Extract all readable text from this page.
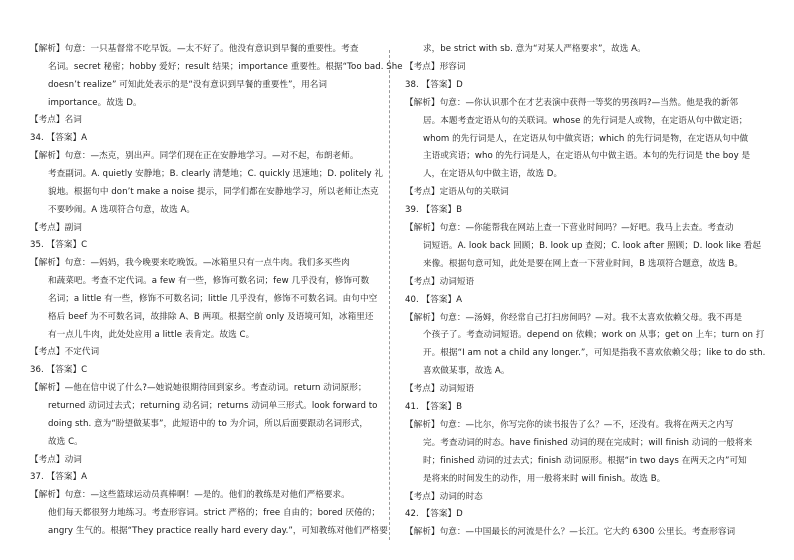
【解析】句意：一只基督常不吃早饭。—太不好了。他没有意识到早餐的重要性。考查
名词。secret 秘密；hobby 爱好；result 结果；importance 重要性。根据“Too bad. She
doesn’t realize” 可知此处表示的是“没有意识到早餐的重要性”，用名词
importance。故选 D。
【考点】名词
34. 【答案】A
【解析】句意：—杰克，别出声。同学们现在正在安静地学习。—对不起，布朗老师。
考查副词。A. quietly 安静地；B. clearly 清楚地；C. quickly 迅速地；D. politely 礼
貌地。根据句中 don’t make a noise 提示，同学们都在安静地学习，所以老师让杰克
不要吵闹。A 选项符合句意，故选 A。
【考点】副词
35. 【答案】C
【解析】句意：—妈妈，我今晚要来吃晚饭。—冰箱里只有一点牛肉。我们多买些肉
和蔬菜吧。考查不定代词。a few 有一些，修饰可数名词；few 几乎没有，修饰可数
名词；a little 有一些，修饰不可数名词；little 几乎没有，修饰不可数名词。由句中空
格后 beef 为不可数名词，故排除 A、B 两项。根据空前 only 及语境可知，冰箱里还
有一点儿牛肉，此处处应用 a little 表肯定。故选 C。
【考点】不定代词
36. 【答案】C
【解析】—他在信中说了什么?—她说她很期待回到家乡。考查动词。return 动词原形；
returned 动词过去式；returning 动名词；returns 动词单三形式。look forward to
doing sth. 意为“盼望做某事”，此短语中的 to 为介词，所以后面要跟动名词形式，
故选 C。
【考点】动词
37. 【答案】A
【解析】句意：—这些篮球运动员真棒啊！—是的。他们的教练是对他们严格要求。
他们每天都很努力地练习。考查形容词。strict 严格的；free 自由的；bored 厌倦的；
angry 生气的。根据“They practice really hard every day.”，可知教练对他们严格要
求，be strict with sb. 意为“对某人严格要求”，故选 A。
【考点】形容词
38. 【答案】D
【解析】句意：—你认识那个在才艺表演中获得一等奖的男孩吗?—当然。他是我的新邻
居。本题考查定语从句的关联词。whose 的先行词是人或物，在定语从句中做定语；
whom 的先行词是人，在定语从句中做宾语；which 的先行词是物，在定语从句中做
主语或宾语；who 的先行词是人，在定语从句中做主语。本句的先行词是 the boy 是
人，在定语从句中做主语，故选 D。
【考点】定语从句的关联词
39. 【答案】B
【解析】句意：—你能帮我在网站上查一下营业时间吗？—好吧。我马上去查。考查动
词短语。A. look back 回顾；B. look up 查阅；C. look after 照顾；D. look like 看起
来像。根据句意可知，此处是要在网上查一下营业时间，B 选项符合题意，故选 B。
【考点】动词短语
40. 【答案】A
【解析】句意：—汤姆，你经常自己打扫房间吗？—对。我不太喜欢依赖父母。我不再是
个孩子了。考查动词短语。depend on 依赖；work on 从事；get on 上车；turn on 打
开。根据“I am not a child any longer.”，可知是指我不喜欢依赖父母；like to do sth.
喜欢做某事，故选 A。
【考点】动词短语
41. 【答案】B
【解析】句意：—比尔，你写完你的读书报告了么？—不，还没有。我将在两天之内写
完。考查动词的时态。have finished 动词的现在完成时；will finish 动词的一般将来
时；finished 动词的过去式；finish 动词原形。根据“in two days 在两天之内”可知
是将来的时间发生的动作，用一般将来时 will finish。故选 B。
【考点】动词的时态
42. 【答案】D
【解析】句意：—中国最长的河流是什么？—长江。它大约 6300 公里长。考查形容词
